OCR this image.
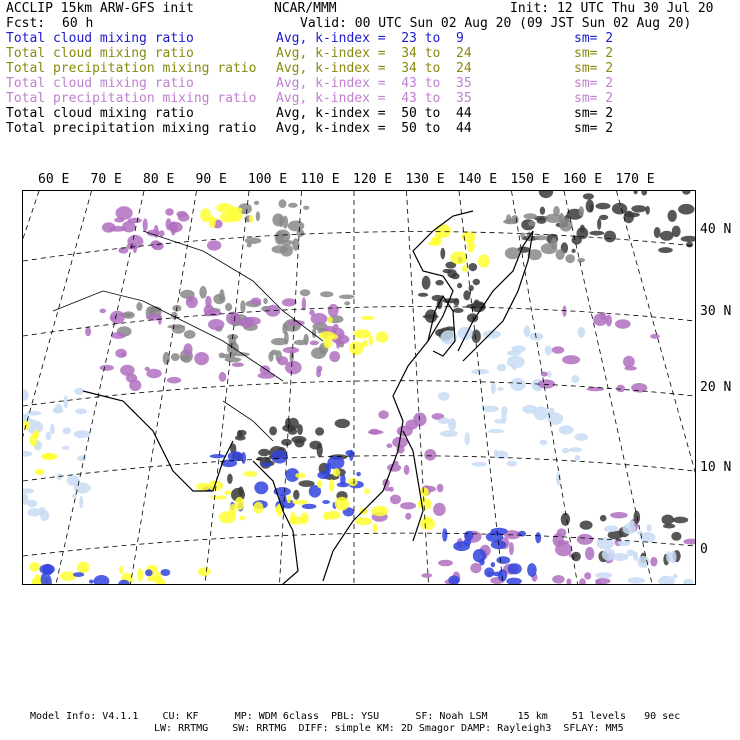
ACCLIP 15km ARW-GFS init	NCAR/MMM	Init: 12 UTC Thu 30 Jul 20
Fcst: 60 h	Valid: 00 UTC Sun 02 Aug 20 (09 JST Sun 02 Aug 20)
Total cloud mixing ratio	Avg, k-index =  23 to  9	sm= 2
Total cloud mixing ratio	Avg, k-index =  34 to  24	sm= 2
Total precipitation mixing ratio Avg, k-index =  34 to  24	sm= 2
Total cloud mixing ratio	Avg, k-index =  43 to  35	sm= 2
Total precipitation mixing ratio Avg, k-index =  43 to  35	sm= 2
Total cloud mixing ratio	Avg, k-index =  50 to  44	sm= 2
Total precipitation mixing ratio Avg, k-index =  50 to  44	sm= 2
60 E 70 E 80 E 90 E 100 E 110 E 120 E 130 E 140 E 150 E 160 E 170 E
40 N
30 N
20 N
10 N
0
Model Info: V4.1.1    CU: KF      MP: WDM 6class  PBL: YSU      SF: Noah LSM     15 km    51 levels   90 sec
LW: RRTMG    SW: RRTMG  DIFF: simple KM: 2D Smagor DAMP: Rayleigh3  SFLAY: MM5
